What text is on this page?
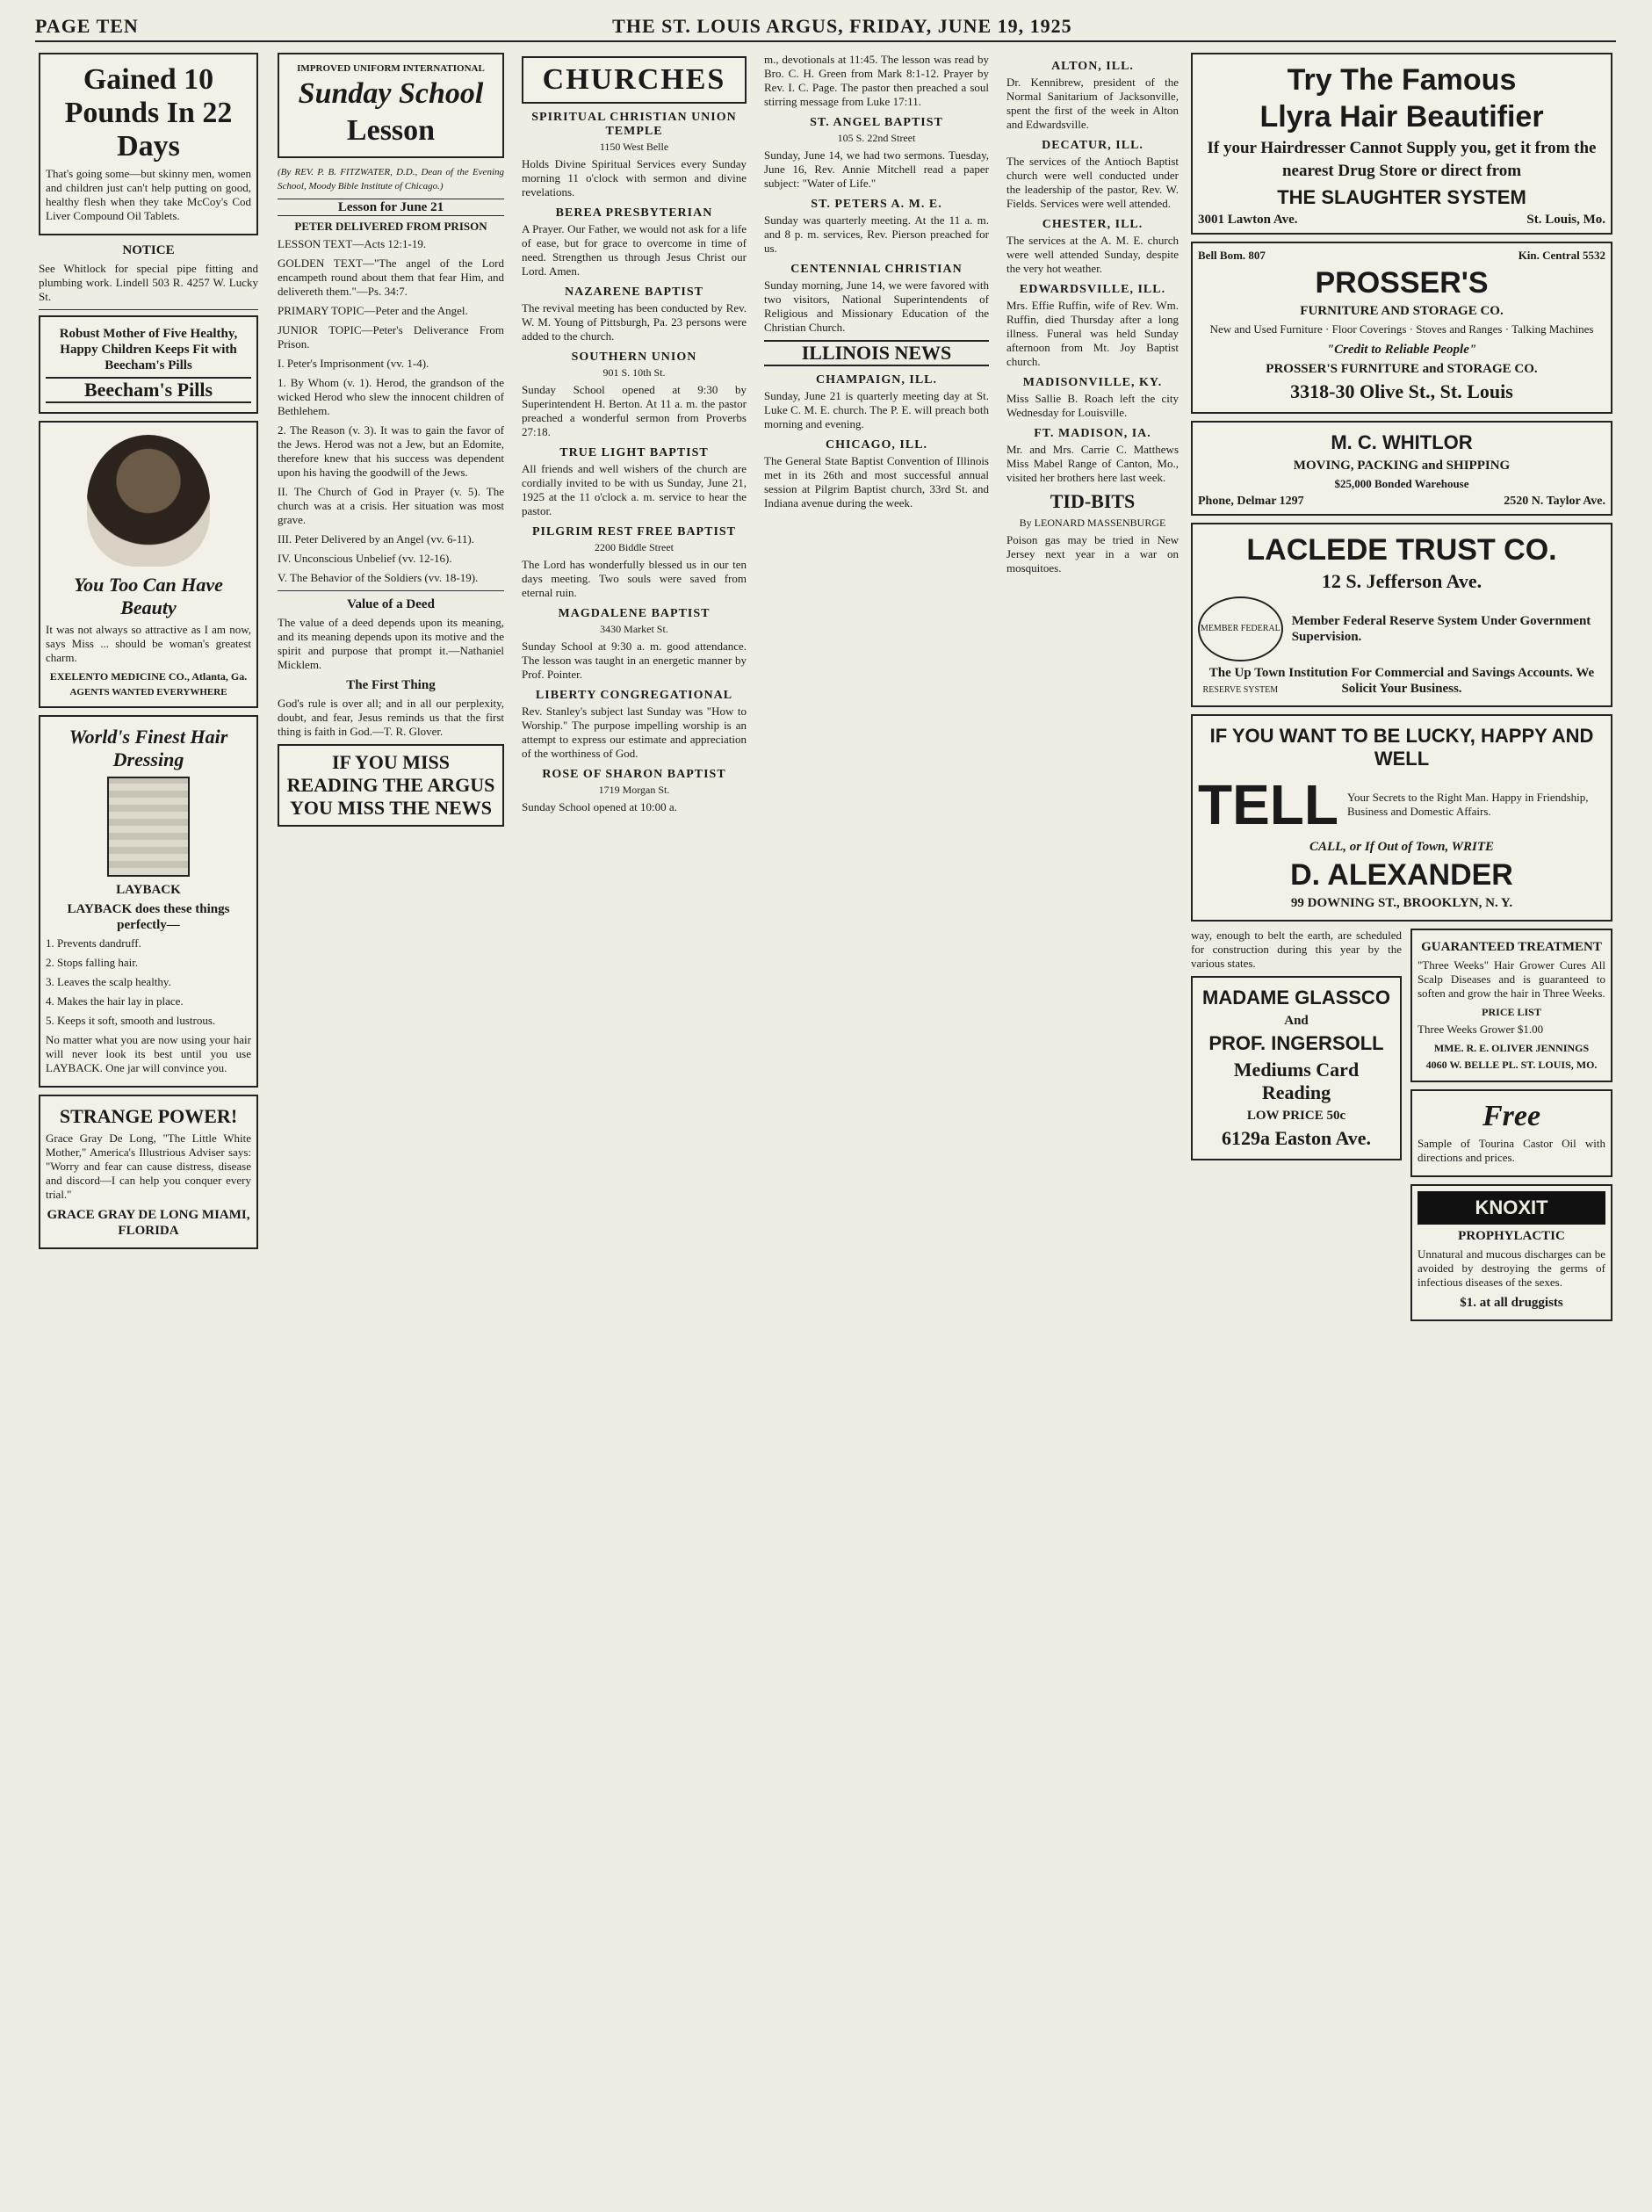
PAGE TEN	THE ST. LOUIS ARGUS, FRIDAY, JUNE 19, 1925
Gained 10 Pounds In 22 Days

That's going some—but skinny men, women and children just can't help putting on good, healthy flesh when they take McCoy's Cod Liver Compound Oil Tablets.

NOTICE

See Whitlock for special pipe fitting and plumbing work. Lindell 503 R. 4257 W. Lucky St.

Robust Mother of Five Healthy, Happy Children Keeps Fit with Beecham's Pills
Beecham's Pills
You Too Can Have Beauty

It was not always so attractive as I am now, says Miss ... should be woman's greatest charm.

EXELENTO MEDICINE CO., Atlanta, Ga.
AGENTS WANTED EVERYWHERE
World's Finest Hair Dressing
LAYBACK
LAYBACK does these things perfectly—

1. Prevents dandruff.

2. Stops falling hair.

3. Leaves the scalp healthy.

4. Makes the hair lay in place.

5. Keeps it soft, smooth and lustrous.

No matter what you are now using your hair will never look its best until you use LAYBACK. One jar will convince you.

STRANGE POWER!

Grace Gray De Long, "The Little White Mother," America's Illustrious Adviser says: "Worry and fear can cause distress, disease and discord—I can help you conquer every trial."

GRACE GRAY DE LONG MIAMI, FLORIDA
IMPROVED UNIFORM INTERNATIONAL
Sunday School
Lesson

(By REV. P. B. FITZWATER, D.D., Dean of the Evening School, Moody Bible Institute of Chicago.)

Lesson for June 21
PETER DELIVERED FROM PRISON

LESSON TEXT—Acts 12:1-19.

GOLDEN TEXT—"The angel of the Lord encampeth round about them that fear Him, and delivereth them."—Ps. 34:7.

PRIMARY TOPIC—Peter and the Angel.

JUNIOR TOPIC—Peter's Deliverance From Prison.

I. Peter's Imprisonment (vv. 1-4).

1. By Whom (v. 1). Herod, the grandson of the wicked Herod who slew the innocent children of Bethlehem.

2. The Reason (v. 3). It was to gain the favor of the Jews. Herod was not a Jew, but an Edomite, therefore knew that his success was dependent upon his having the goodwill of the Jews.

II. The Church of God in Prayer (v. 5). The church was at a crisis. Her situation was most grave.

III. Peter Delivered by an Angel (vv. 6-11).

IV. Unconscious Unbelief (vv. 12-16).

V. The Behavior of the Soldiers (vv. 18-19).

Value of a Deed

The value of a deed depends upon its meaning, and its meaning depends upon its motive and the spirit and purpose that prompt it.—Nathaniel Micklem.

The First Thing

God's rule is over all; and in all our perplexity, doubt, and fear, Jesus reminds us that the first thing is faith in God.—T. R. Glover.

IF YOU MISS READING THE ARGUS YOU MISS THE NEWS
CHURCHES
SPIRITUAL CHRISTIAN UNION TEMPLE
1150 West Belle

Holds Divine Spiritual Services every Sunday morning 11 o'clock with sermon and divine revelations.

BEREA PRESBYTERIAN

A Prayer. Our Father, we would not ask for a life of ease, but for grace to overcome in time of need. Strengthen us through Jesus Christ our Lord. Amen.

NAZARENE BAPTIST

The revival meeting has been conducted by Rev. W. M. Young of Pittsburgh, Pa. 23 persons were added to the church.

SOUTHERN UNION
901 S. 10th St.

Sunday School opened at 9:30 by Superintendent H. Berton. At 11 a. m. the pastor preached a wonderful sermon from Proverbs 27:18.

TRUE LIGHT BAPTIST

All friends and well wishers of the church are cordially invited to be with us Sunday, June 21, 1925 at the 11 o'clock a. m. service to hear the pastor.

PILGRIM REST FREE BAPTIST
2200 Biddle Street

The Lord has wonderfully blessed us in our ten days meeting. Two souls were saved from eternal ruin.

MAGDALENE BAPTIST
3430 Market St.

Sunday School at 9:30 a. m. good attendance. The lesson was taught in an energetic manner by Prof. Pointer.

LIBERTY CONGREGATIONAL

Rev. Stanley's subject last Sunday was "How to Worship." The purpose impelling worship is an attempt to express our estimate and appreciation of the worthiness of God.

ROSE OF SHARON BAPTIST
1719 Morgan St.

Sunday School opened at 10:00 a.

m., devotionals at 11:45. The lesson was read by Bro. C. H. Green from Mark 8:1-12. Prayer by Rev. I. C. Page. The pastor then preached a soul stirring message from Luke 17:11.

ST. ANGEL BAPTIST
105 S. 22nd Street

Sunday, June 14, we had two sermons. Tuesday, June 16, Rev. Annie Mitchell read a paper subject: "Water of Life."

ST. PETERS A. M. E.

Sunday was quarterly meeting. At the 11 a. m. and 8 p. m. services, Rev. Pierson preached for us.

CENTENNIAL CHRISTIAN

Sunday morning, June 14, we were favored with two visitors, National Superintendents of Religious and Missionary Education of the Christian Church.

ILLINOIS NEWS
CHAMPAIGN, ILL.

Sunday, June 21 is quarterly meeting day at St. Luke C. M. E. church. The P. E. will preach both morning and evening.

CHICAGO, ILL.

The General State Baptist Convention of Illinois met in its 26th and most successful annual session at Pilgrim Baptist church, 33rd St. and Indiana avenue during the week.

ALTON, ILL.

Dr. Kennibrew, president of the Normal Sanitarium of Jacksonville, spent the first of the week in Alton and Edwardsville.

DECATUR, ILL.

The services of the Antioch Baptist church were well conducted under the leadership of the pastor, Rev. W. Fields. Services were well attended.

CHESTER, ILL.

The services at the A. M. E. church were well attended Sunday, despite the very hot weather.

EDWARDSVILLE, ILL.

Mrs. Effie Ruffin, wife of Rev. Wm. Ruffin, died Thursday after a long illness. Funeral was held Sunday afternoon from Mt. Joy Baptist church.

MADISONVILLE, KY.

Miss Sallie B. Roach left the city Wednesday for Louisville.

FT. MADISON, IA.

Mr. and Mrs. Carrie C. Matthews Miss Mabel Range of Canton, Mo., visited her brothers here last week.

TID-BITS
By LEONARD MASSENBURGE

Poison gas may be tried in New Jersey next year in a war on mosquitoes.

Try The Famous
Llyra Hair Beautifier
If your Hairdresser Cannot Supply you, get it from the nearest Drug Store or direct from
THE SLAUGHTER SYSTEM
3001 Lawton Ave.	St. Louis, Mo.
Bell Bom. 807	Kin. Central 5532
PROSSER'S
FURNITURE AND STORAGE CO.

New and Used Furniture · Floor Coverings · Stoves and Ranges · Talking Machines

"Credit to Reliable People"
PROSSER'S FURNITURE and STORAGE CO.
3318-30 Olive St., St. Louis
M. C. WHITLOR
MOVING, PACKING and SHIPPING
$25,000 Bonded Warehouse
Phone, Delmar 1297	2520 N. Taylor Ave.
LACLEDE TRUST CO.
12 S. Jefferson Ave.
MEMBER FEDERAL RESERVE SYSTEM
Member Federal Reserve System Under Government Supervision.
The Up Town Institution For Commercial and Savings Accounts. We Solicit Your Business.
IF YOU WANT TO BE LUCKY, HAPPY AND WELL
TELL Your Secrets to the Right Man. Happy in Friendship, Business and Domestic Affairs.
CALL, or If Out of Town, WRITE
D. ALEXANDER
99 DOWNING ST., BROOKLYN, N. Y.

way, enough to belt the earth, are scheduled for construction during this year by the various states.

MADAME GLASSCO
And
PROF. INGERSOLL
Mediums Card Reading
LOW PRICE 50c
6129a Easton Ave.
GUARANTEED TREATMENT

"Three Weeks" Hair Grower Cures All Scalp Diseases and is guaranteed to soften and grow the hair in Three Weeks.

PRICE LIST

Three Weeks Grower $1.00

MME. R. E. OLIVER JENNINGS
4060 W. BELLE PL. ST. LOUIS, MO.
Free

Sample of Tourina Castor Oil with directions and prices.

KNOXIT
PROPHYLACTIC

Unnatural and mucous discharges can be avoided by destroying the germs of infectious diseases of the sexes.

$1. at all druggists
